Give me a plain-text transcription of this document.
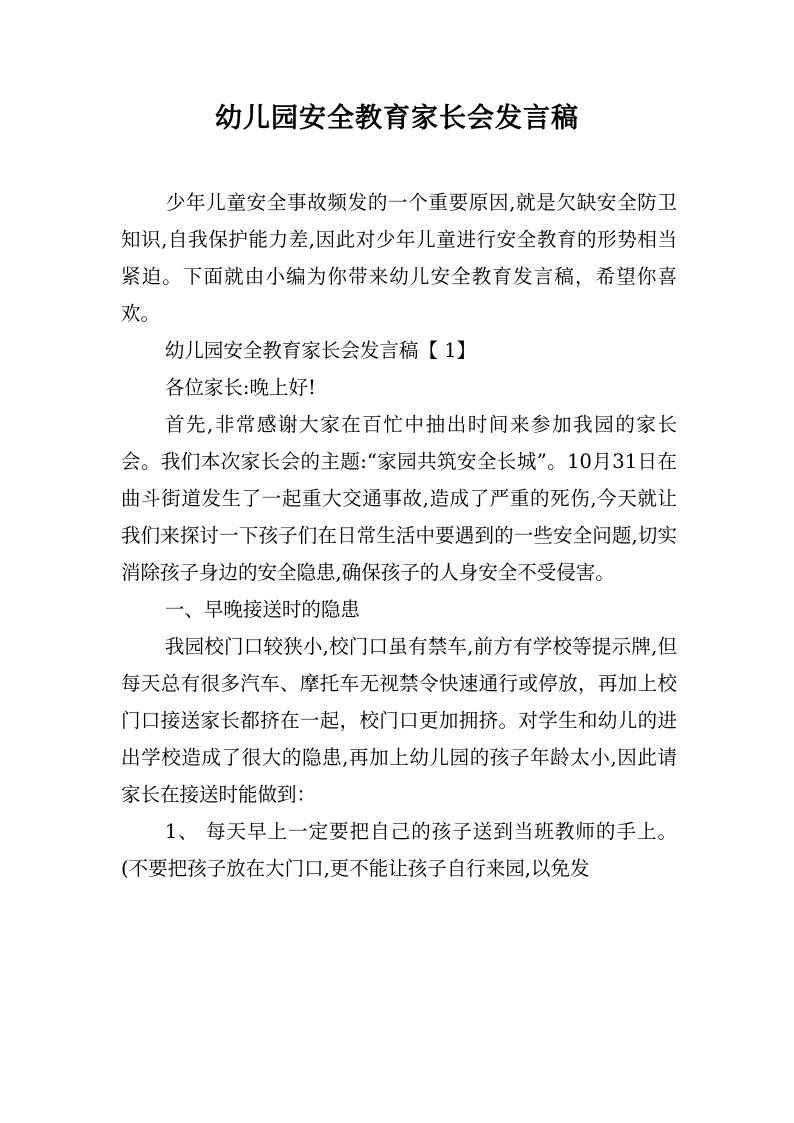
幼儿园安全教育家长会发言稿

少年儿童安全事故频发的一个重要原因,就是欠缺安全防卫知识,自我保护能力差,因此对少年儿童进行安全教育的形势相当紧迫。下面就由小编为你带来幼儿安全教育发言稿，希望你喜欢。

幼儿园安全教育家长会发言稿【 1】

各位家长:晚上好!

首先,非常感谢大家在百忙中抽出时间来参加我园的家长会。我们本次家长会的主题:“家园共筑安全长城”。10月31日在曲斗街道发生了一起重大交通事故,造成了严重的死伤,今天就让我们来探讨一下孩子们在日常生活中要遇到的一些安全问题,切实消除孩子身边的安全隐患,确保孩子的人身安全不受侵害。

一、早晚接送时的隐患

我园校门口较狭小,校门口虽有禁车,前方有学校等提示牌,但每天总有很多汽车、摩托车无视禁令快速通行或停放，再加上校门口接送家长都挤在一起，校门口更加拥挤。对学生和幼儿的进出学校造成了很大的隐患,再加上幼儿园的孩子年龄太小,因此请家长在接送时能做到：

1、 每天早上一定要把自己的孩子送到当班教师的手上。(不要把孩子放在大门口,更不能让孩子自行来园,以免发
